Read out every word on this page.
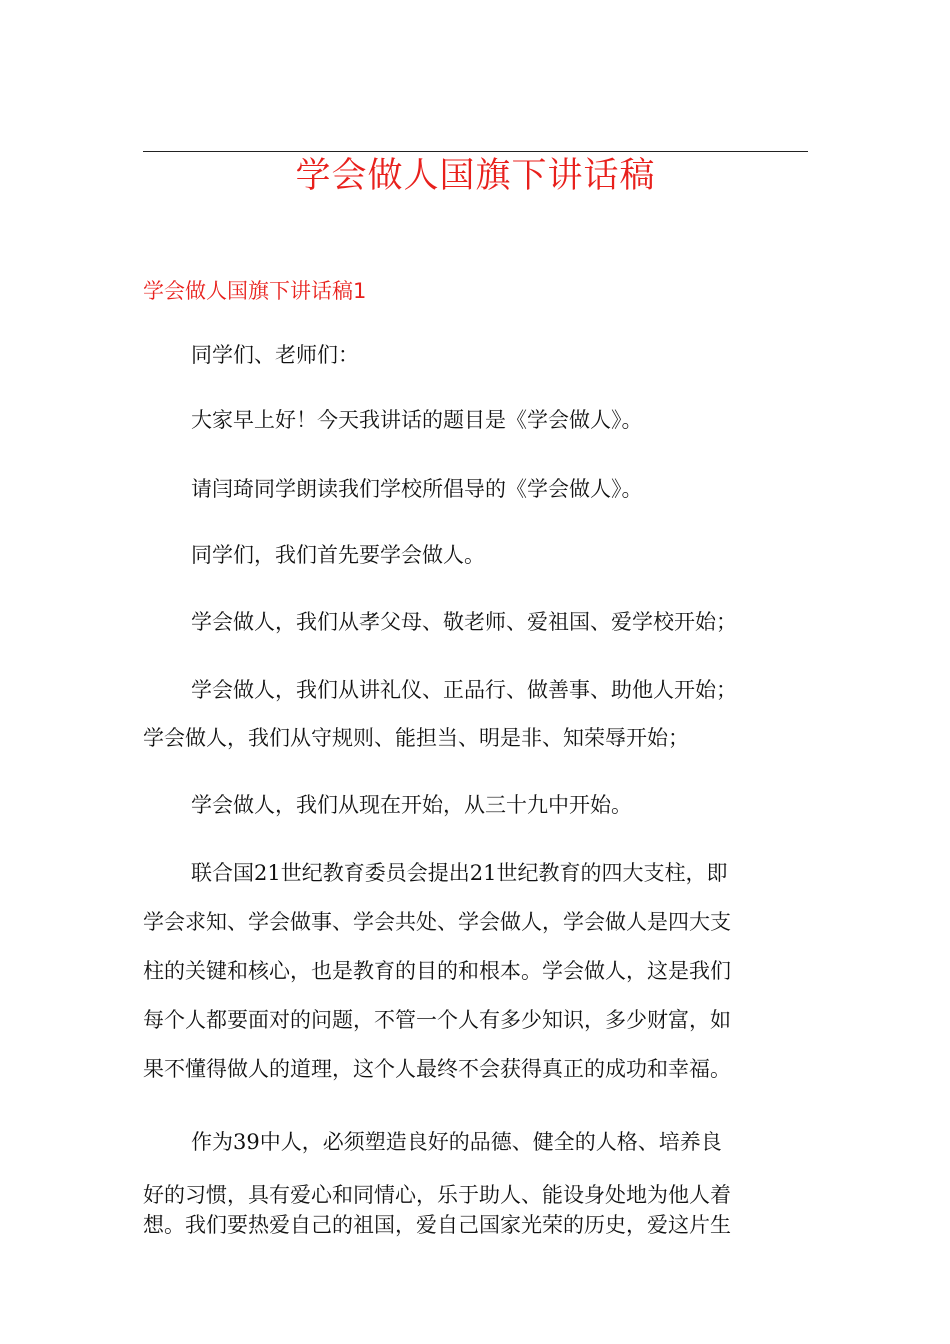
学会做人国旗下讲话稿
学会做人国旗下讲话稿1

同学们、老师们：

大家早上好！今天我讲话的题目是《学会做人》。

请闫琦同学朗读我们学校所倡导的《学会做人》。

同学们，我们首先要学会做人。

学会做人，我们从孝父母、敬老师、爱祖国、爱学校开始；

学会做人，我们从讲礼仪、正品行、做善事、助他人开始；

学会做人，我们从守规则、能担当、明是非、知荣辱开始；

学会做人，我们从现在开始，从三十九中开始。

联合国21世纪教育委员会提出21世纪教育的四大支柱，即

学会求知、学会做事、学会共处、学会做人，学会做人是四大支

柱的关键和核心，也是教育的目的和根本。学会做人，这是我们

每个人都要面对的问题，不管一个人有多少知识，多少财富，如

果不懂得做人的道理，这个人最终不会获得真正的成功和幸福。

作为39中人，必须塑造良好的品德、健全的人格、培养良

好的习惯，具有爱心和同情心，乐于助人、能设身处地为他人着

想。我们要热爱自己的祖国，爱自己国家光荣的历史，爱这片生
